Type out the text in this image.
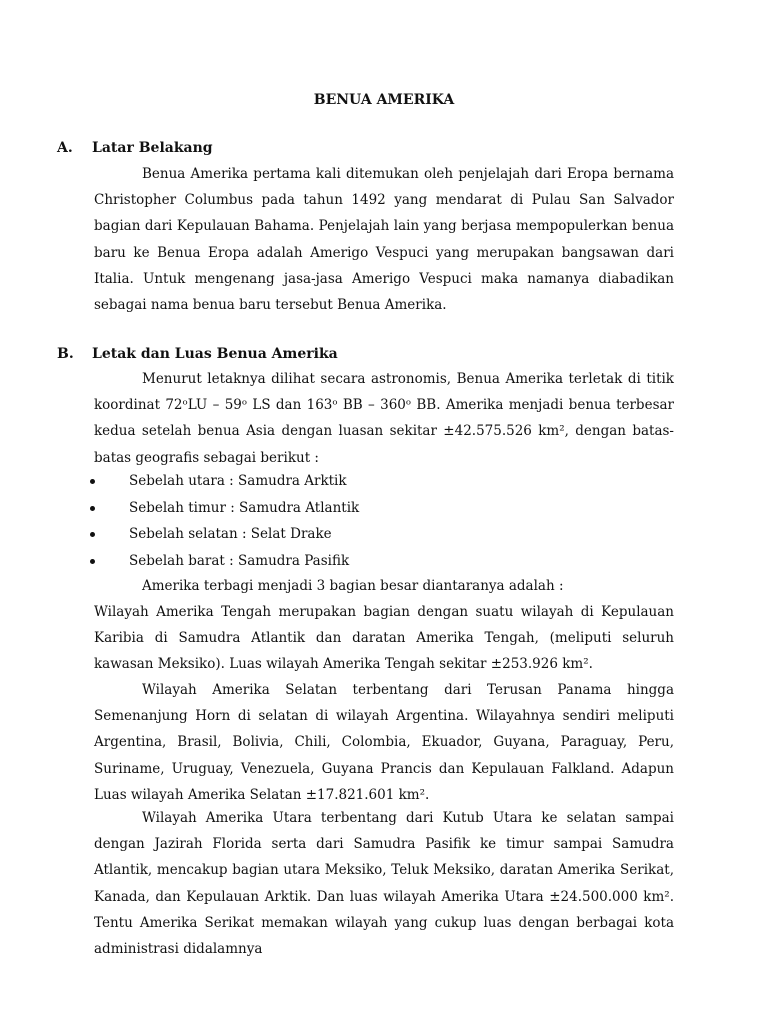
BENUA AMERIKA
A. Latar Belakang

Benua Amerika pertama kali ditemukan oleh penjelajah dari Eropa bernama Christopher Columbus pada tahun 1492 yang mendarat di Pulau San Salvador bagian dari Kepulauan Bahama. Penjelajah lain yang berjasa mempopulerkan benua baru ke Benua Eropa adalah Amerigo Vespuci yang merupakan bangsawan dari Italia. Untuk mengenang jasa-jasa Amerigo Vespuci maka namanya diabadikan sebagai nama benua baru tersebut Benua Amerika.

B. Letak dan Luas Benua Amerika

Menurut letaknya dilihat secara astronomis, Benua Amerika terletak di titik koordinat 72ᵒLU – 59ᵒ LS dan 163ᵒ BB – 360ᵒ BB. Amerika menjadi benua terbesar kedua setelah benua Asia dengan luasan sekitar ±42.575.526 km², dengan batas-batas geografis sebagai berikut :

Sebelah utara : Samudra Arktik
Sebelah timur : Samudra Atlantik
Sebelah selatan : Selat Drake
Sebelah barat : Samudra Pasifik

Amerika terbagi menjadi 3 bagian besar diantaranya adalah :

Wilayah Amerika Tengah merupakan bagian dengan suatu wilayah di Kepulauan Karibia di Samudra Atlantik dan daratan Amerika Tengah, (meliputi seluruh kawasan Meksiko). Luas wilayah Amerika Tengah sekitar ±253.926 km².

Wilayah Amerika Selatan terbentang dari Terusan Panama hingga Semenanjung Horn di selatan di wilayah Argentina. Wilayahnya sendiri meliputi Argentina, Brasil, Bolivia, Chili, Colombia, Ekuador, Guyana, Paraguay, Peru, Suriname, Uruguay, Venezuela, Guyana Prancis dan Kepulauan Falkland. Adapun Luas wilayah Amerika Selatan ±17.821.601 km².

Wilayah Amerika Utara terbentang dari Kutub Utara ke selatan sampai dengan Jazirah Florida serta dari Samudra Pasifik ke timur sampai Samudra Atlantik, mencakup bagian utara Meksiko, Teluk Meksiko, daratan Amerika Serikat, Kanada, dan Kepulauan Arktik. Dan luas wilayah Amerika Utara ±24.500.000 km². Tentu Amerika Serikat memakan wilayah yang cukup luas dengan berbagai kota administrasi didalamnya
